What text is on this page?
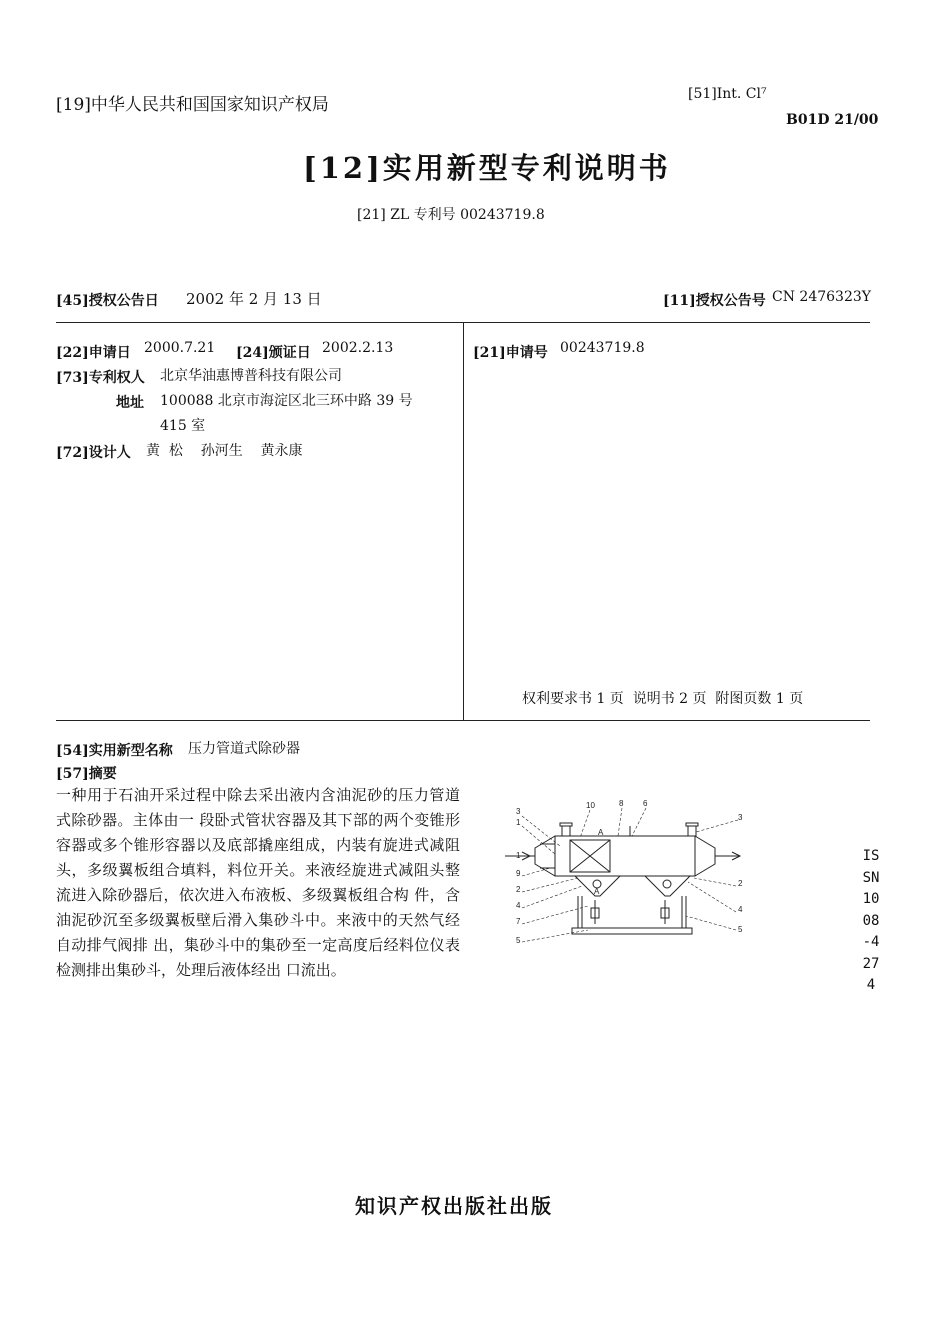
[19]中华人民共和国国家知识产权局
[51]Int. Cl⁷
B01D 21/00
[12]实用新型专利说明书
[21] ZL 专利号 00243719.8
[45]授权公告日 2002 年 2 月 13 日	[11]授权公告号 CN 2476323Y
[22]申请日 2000.7.21 [24]颁证日 2002.2.13
[73]专利权人 北京华油惠博普科技有限公司
地址 100088 北京市海淀区北三环中路 39 号
415 室
[72]设计人 黄  松    孙河生    黄永康
[21]申请号 00243719.8
权利要求书 1 页  说明书 2 页  附图页数 1 页
[54]实用新型名称 压力管道式除砂器
[57]摘要
一种用于石油开采过程中除去采出液内含油泥砂的压力管道式除砂器。主体由一 段卧式管状容器及其下部的两个变锥形容器或多个锥形容器以及底部撬座组成，内装有旋进式减阻头，多级翼板组合填料，料位开关。来液经旋进式减阻头整流进入除砂器后，依次进入布液板、多级翼板组合构 件，含油泥砂沉至多级翼板壁后滑入集砂斗中。来液中的天然气经自动排气阀排 出，集砂斗中的集砂至一定高度后经料位仪表检测排出集砂斗，处理后液体经出 口流出。
3
1
10	8 6
3
1
9
2
4
7
5
2
4
5
A
A
ISSN1008-4274
知识产权出版社出版
